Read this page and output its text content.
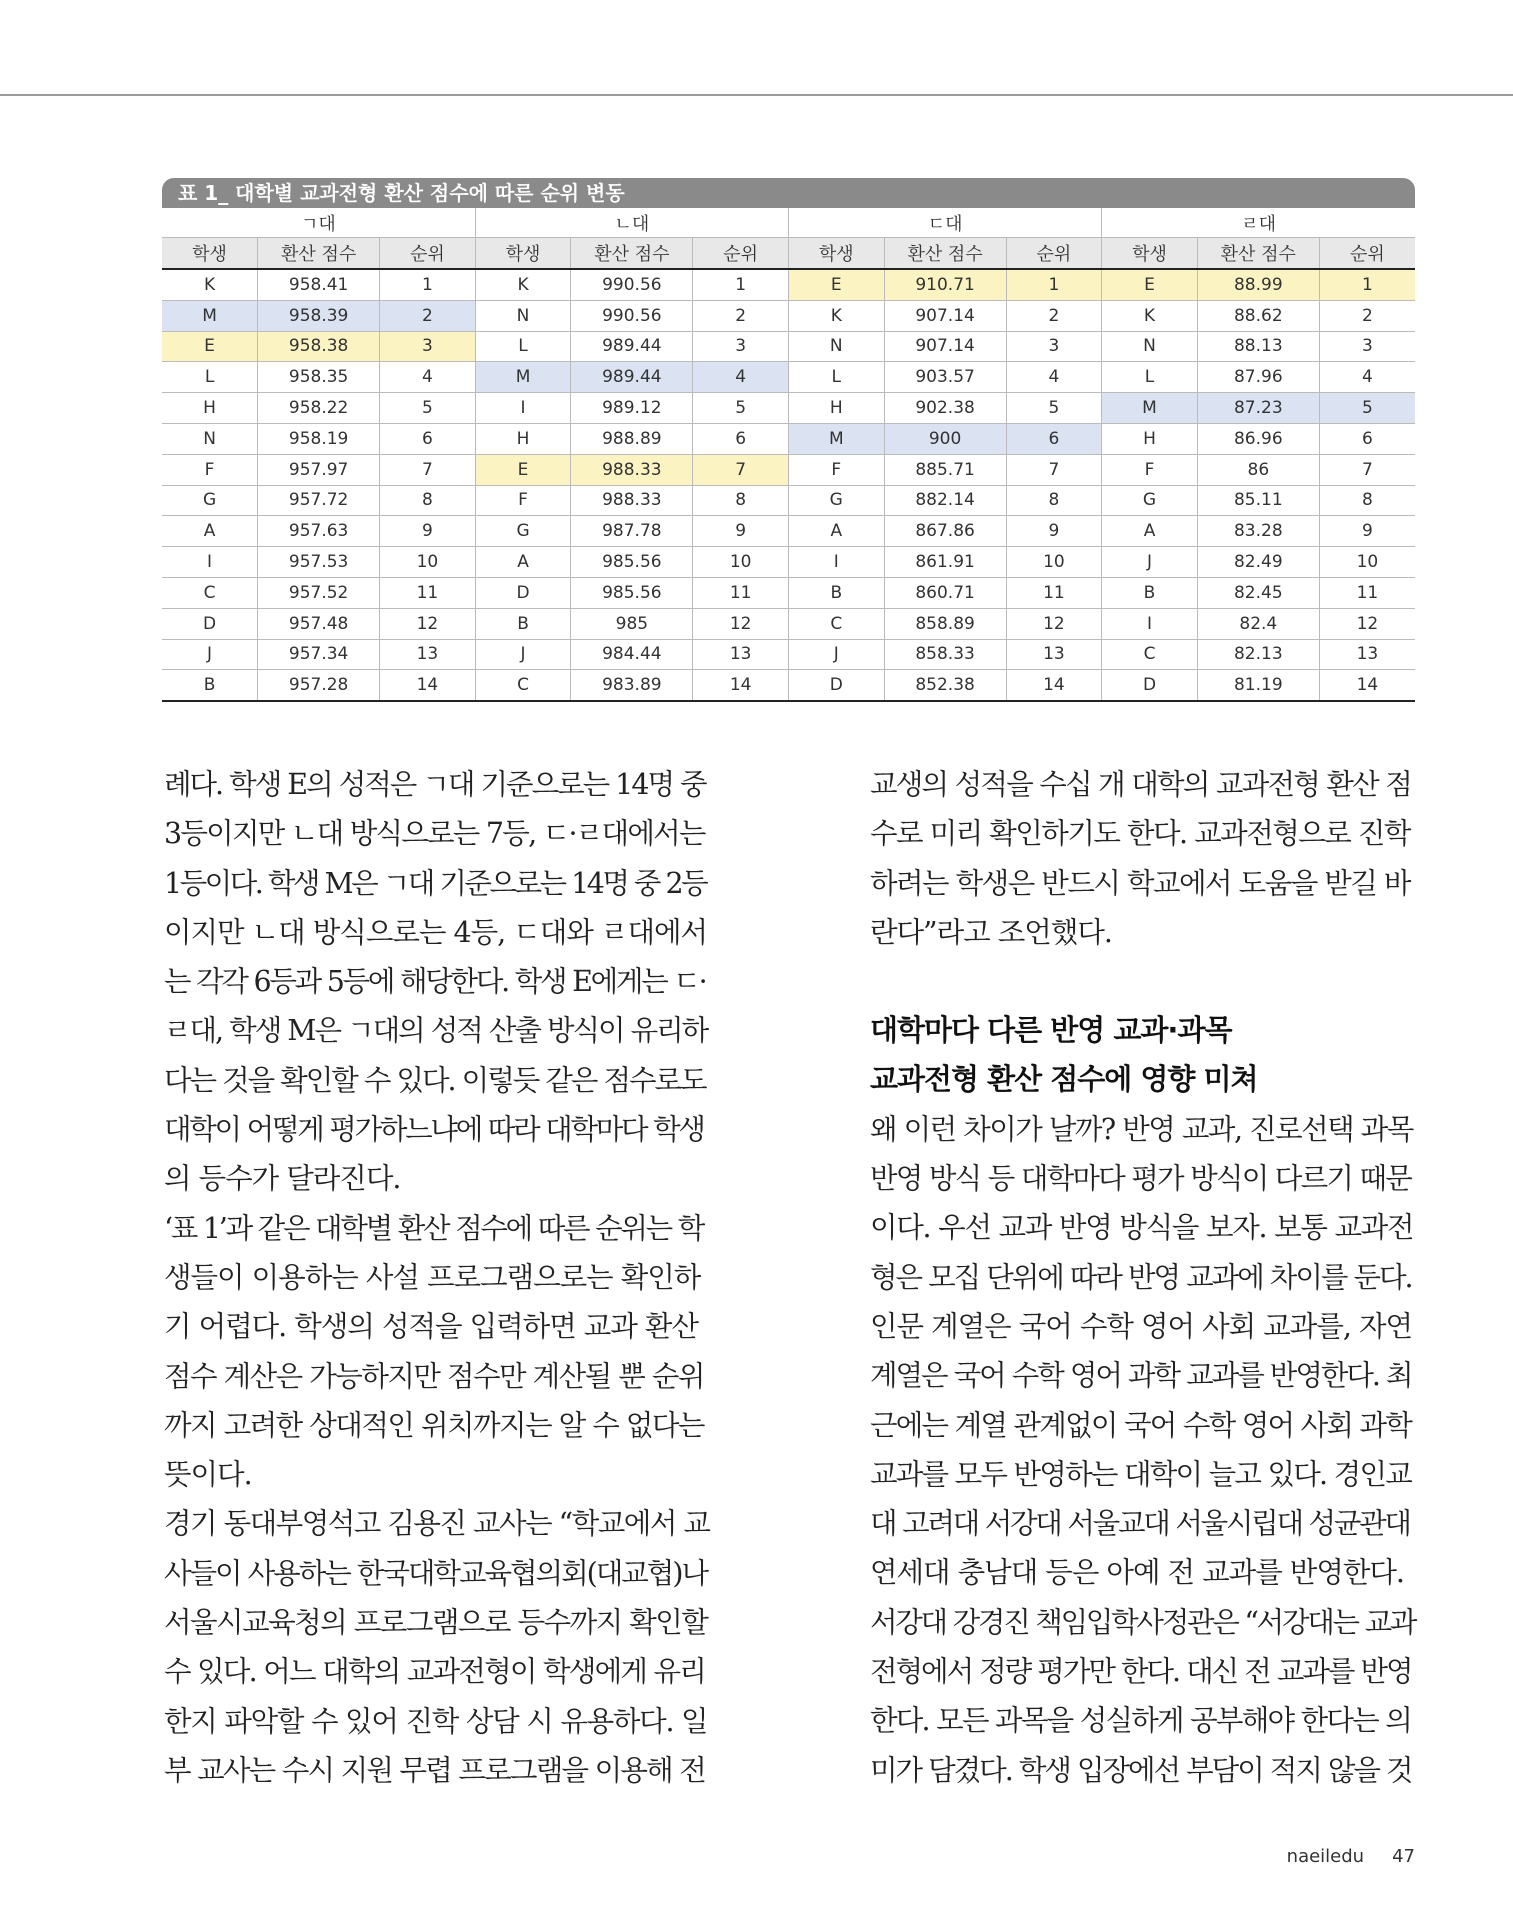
표 1_ 대학별 교과전형 환산 점수에 따른 순위 변동
ㄱ대			ㄴ대			ㄷ대			ㄹ대		
학생	환산 점수	순위	학생	환산 점수	순위	학생	환산 점수	순위	학생	환산 점수	순위
K	958.41	1	K	990.56	1	E	910.71	1	E	88.99	1
M	958.39	2	N	990.56	2	K	907.14	2	K	88.62	2
E	958.38	3	L	989.44	3	N	907.14	3	N	88.13	3
L	958.35	4	M	989.44	4	L	903.57	4	L	87.96	4
H	958.22	5	I	989.12	5	H	902.38	5	M	87.23	5
N	958.19	6	H	988.89	6	M	900	6	H	86.96	6
F	957.97	7	E	988.33	7	F	885.71	7	F	86	7
G	957.72	8	F	988.33	8	G	882.14	8	G	85.11	8
A	957.63	9	G	987.78	9	A	867.86	9	A	83.28	9
I	957.53	10	A	985.56	10	I	861.91	10	J	82.49	10
C	957.52	11	D	985.56	11	B	860.71	11	B	82.45	11
D	957.48	12	B	985	12	C	858.89	12	I	82.4	12
J	957.34	13	J	984.44	13	J	858.33	13	C	82.13	13
B	957.28	14	C	983.89	14	D	852.38	14	D	81.19	14

례다. 학생 E의 성적은 ㄱ대 기준으로는 14명 중
3등이지만 ㄴ대 방식으로는 7등, ㄷ·ㄹ대에서는
1등이다. 학생 M은 ㄱ대 기준으로는 14명 중 2등
이지만 ㄴ대 방식으로는 4등, ㄷ대와 ㄹ대에서
는 각각 6등과 5등에 해당한다. 학생 E에게는 ㄷ·
ㄹ대, 학생 M은 ㄱ대의 성적 산출 방식이 유리하
다는 것을 확인할 수 있다. 이렇듯 같은 점수로도
대학이 어떻게 평가하느냐에 따라 대학마다 학생
의 등수가 달라진다.

‘표 1’과 같은 대학별 환산 점수에 따른 순위는 학
생들이 이용하는 사설 프로그램으로는 확인하
기 어렵다. 학생의 성적을 입력하면 교과 환산
점수 계산은 가능하지만 점수만 계산될 뿐 순위
까지 고려한 상대적인 위치까지는 알 수 없다는
뜻이다.

경기 동대부영석고 김용진 교사는 “학교에서 교
사들이 사용하는 한국대학교육협의회(대교협)나
서울시교육청의 프로그램으로 등수까지 확인할
수 있다. 어느 대학의 교과전형이 학생에게 유리
한지 파악할 수 있어 진학 상담 시 유용하다. 일
부 교사는 수시 지원 무렵 프로그램을 이용해 전

교생의 성적을 수십 개 대학의 교과전형 환산 점
수로 미리 확인하기도 한다. 교과전형으로 진학
하려는 학생은 반드시 학교에서 도움을 받길 바
란다”라고 조언했다.

대학마다 다른 반영 교과·과목
교과전형 환산 점수에 영향 미쳐

왜 이런 차이가 날까? 반영 교과, 진로선택 과목
반영 방식 등 대학마다 평가 방식이 다르기 때문
이다. 우선 교과 반영 방식을 보자. 보통 교과전
형은 모집 단위에 따라 반영 교과에 차이를 둔다.
인문 계열은 국어 수학 영어 사회 교과를, 자연
계열은 국어 수학 영어 과학 교과를 반영한다. 최
근에는 계열 관계없이 국어 수학 영어 사회 과학
교과를 모두 반영하는 대학이 늘고 있다. 경인교
대 고려대 서강대 서울교대 서울시립대 성균관대
연세대 충남대 등은 아예 전 교과를 반영한다.

서강대 강경진 책임입학사정관은 “서강대는 교과
전형에서 정량 평가만 한다. 대신 전 교과를 반영
한다. 모든 과목을 성실하게 공부해야 한다는 의
미가 담겼다. 학생 입장에선 부담이 적지 않을 것

naeiledu 47
